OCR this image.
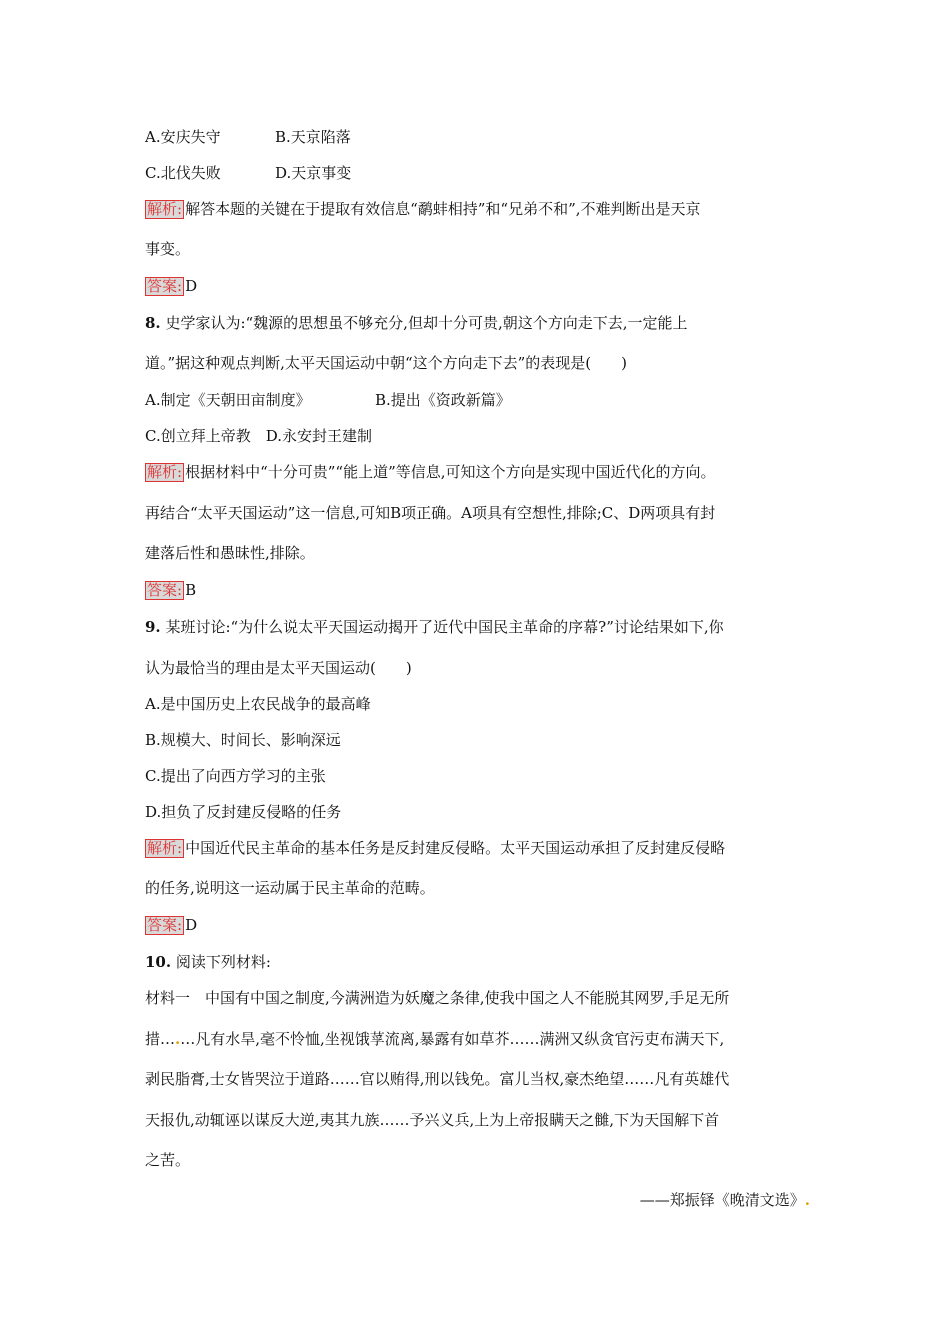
A.安庆失守	B.天京陷落
C.北伐失败	D.天京事变
解析: 解答本题的关键在于提取有效信息“鹬蚌相持”和“兄弟不和”,不难判断出是天京
事变。
答案: D
8. 史学家认为:“魏源的思想虽不够充分,但却十分可贵,朝这个方向走下去,一定能上
道。”据这种观点判断,太平天国运动中朝“这个方向走下去”的表现是(　　)
A.制定《天朝田亩制度》	B.提出《资政新篇》
C.创立拜上帝教　D.永安封王建制
解析: 根据材料中“十分可贵”“能上道”等信息,可知这个方向是实现中国近代化的方向。
再结合“太平天国运动”这一信息,可知B项正确。A项具有空想性,排除;C、D两项具有封
建落后性和愚昧性,排除。
答案: B
9. 某班讨论:“为什么说太平天国运动揭开了近代中国民主革命的序幕?”讨论结果如下,你
认为最恰当的理由是太平天国运动(　　)
A.是中国历史上农民战争的最高峰
B.规模大、时间长、影响深远
C.提出了向西方学习的主张
D.担负了反封建反侵略的任务
解析: 中国近代民主革命的基本任务是反封建反侵略。太平天国运动承担了反封建反侵略
的任务,说明这一运动属于民主革命的范畴。
答案: D
10. 阅读下列材料:
材料一　中国有中国之制度,今满洲造为妖魔之条律,使我中国之人不能脱其网罗,手足无所
措….…凡有水旱,毫不怜恤,坐视饿莩流离,暴露有如草芥……满洲又纵贪官污吏布满天下,
剥民脂膏,士女皆哭泣于道路……官以贿得,刑以钱免。富儿当权,豪杰绝望……凡有英雄代
天报仇,动辄诬以谋反大逆,夷其九族……予兴义兵,上为上帝报瞒天之雠,下为天国解下首
之苦。
——郑振铎《晚清文选》.
